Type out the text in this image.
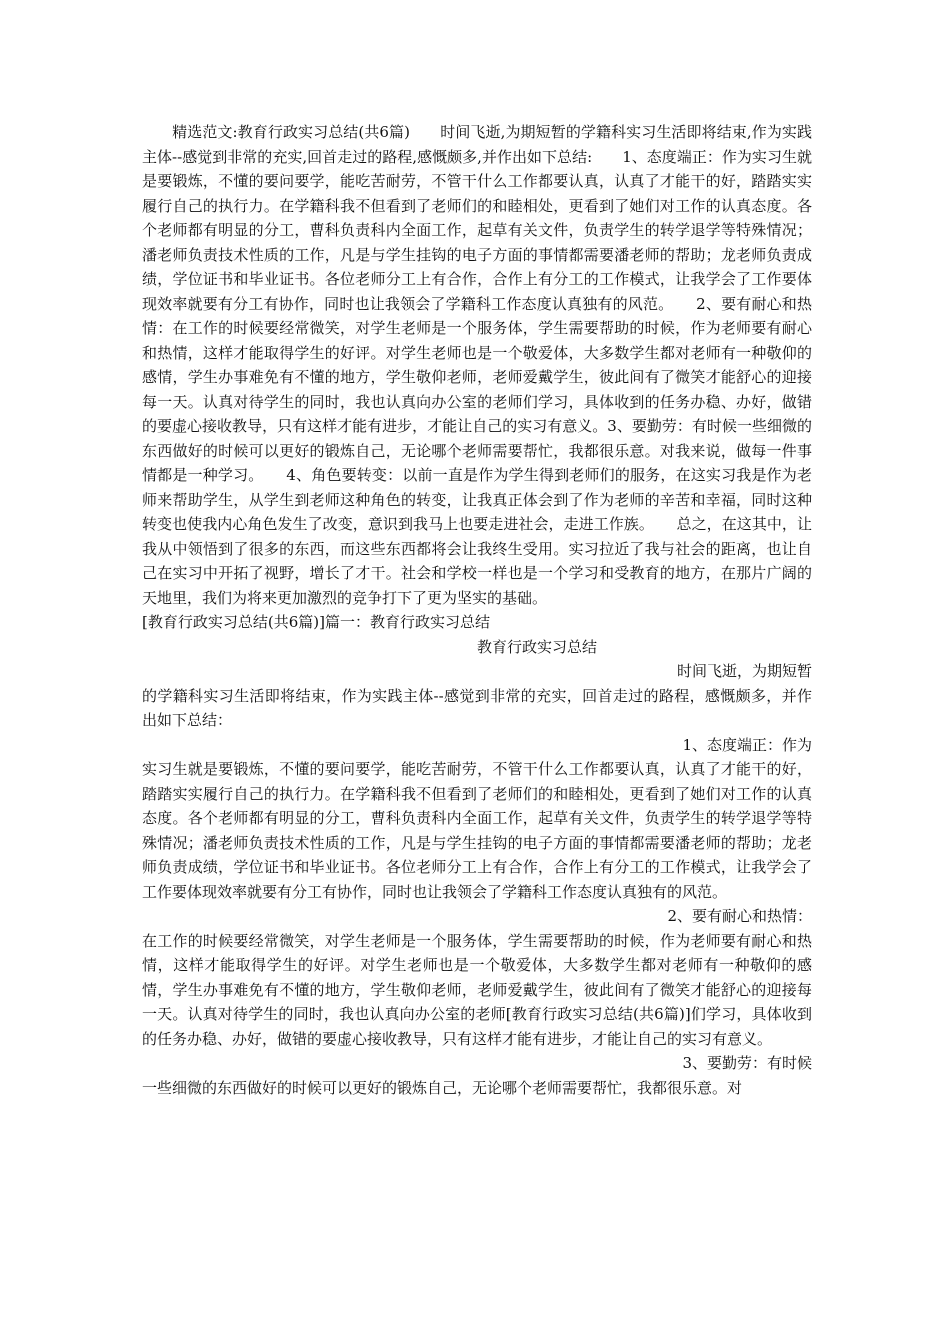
　　精选范文:教育行政实习总结(共6篇)　　时间飞逝,为期短暂的学籍科实习生活即将结束,作为实践主体--感觉到非常的充实,回首走过的路程,感慨颇多,并作出如下总结:　　1、态度端正：作为实习生就是要锻炼，不懂的要问要学，能吃苦耐劳，不管干什么工作都要认真，认真了才能干的好，踏踏实实履行自己的执行力。在学籍科我不但看到了老师们的和睦相处，更看到了她们对工作的认真态度。各个老师都有明显的分工，曹科负责科内全面工作，起草有关文件，负责学生的转学退学等特殊情况；潘老师负责技术性质的工作，凡是与学生挂钩的电子方面的事情都需要潘老师的帮助；龙老师负责成绩，学位证书和毕业证书。各位老师分工上有合作，合作上有分工的工作模式，让我学会了工作要体现效率就要有分工有协作，同时也让我领会了学籍科工作态度认真独有的风范。　　2、要有耐心和热情：在工作的时候要经常微笑，对学生老师是一个服务体，学生需要帮助的时候，作为老师要有耐心和热情，这样才能取得学生的好评。对学生老师也是一个敬爱体，大多数学生都对老师有一种敬仰的感情，学生办事难免有不懂的地方，学生敬仰老师，老师爱戴学生，彼此间有了微笑才能舒心的迎接每一天。认真对待学生的同时，我也认真向办公室的老师们学习，具体收到的任务办稳、办好，做错的要虚心接收教导，只有这样才能有进步，才能让自己的实习有意义。3、要勤劳：有时候一些细微的东西做好的时候可以更好的锻炼自己，无论哪个老师需要帮忙，我都很乐意。对我来说，做每一件事情都是一种学习。　　4、角色要转变：以前一直是作为学生得到老师们的服务，在这实习我是作为老师来帮助学生，从学生到老师这种角色的转变，让我真正体会到了作为老师的辛苦和幸福，同时这种转变也使我内心角色发生了改变，意识到我马上也要走进社会，走进工作族。　　总之，在这其中，让我从中领悟到了很多的东西，而这些东西都将会让我终生受用。实习拉近了我与社会的距离，也让自己在实习中开拓了视野，增长了才干。社会和学校一样也是一个学习和受教育的地方，在那片广阔的天地里，我们为将来更加激烈的竞争打下了更为坚实的基础。

[教育行政实习总结(共6篇)]篇一：教育行政实习总结

教育行政实习总结

时间飞逝，为期短暂

的学籍科实习生活即将结束，作为实践主体--感觉到非常的充实，回首走过的路程，感慨颇多，并作出如下总结：

1、态度端正：作为

实习生就是要锻炼，不懂的要问要学，能吃苦耐劳，不管干什么工作都要认真，认真了才能干的好，踏踏实实履行自己的执行力。在学籍科我不但看到了老师们的和睦相处，更看到了她们对工作的认真态度。各个老师都有明显的分工，曹科负责科内全面工作，起草有关文件，负责学生的转学退学等特殊情况；潘老师负责技术性质的工作，凡是与学生挂钩的电子方面的事情都需要潘老师的帮助；龙老师负责成绩，学位证书和毕业证书。各位老师分工上有合作，合作上有分工的工作模式，让我学会了工作要体现效率就要有分工有协作，同时也让我领会了学籍科工作态度认真独有的风范。

2、要有耐心和热情：

在工作的时候要经常微笑，对学生老师是一个服务体，学生需要帮助的时候，作为老师要有耐心和热情，这样才能取得学生的好评。对学生老师也是一个敬爱体，大多数学生都对老师有一种敬仰的感情，学生办事难免有不懂的地方，学生敬仰老师，老师爱戴学生，彼此间有了微笑才能舒心的迎接每一天。认真对待学生的同时，我也认真向办公室的老师[教育行政实习总结(共6篇)]们学习，具体收到的任务办稳、办好，做错的要虚心接收教导，只有这样才能有进步，才能让自己的实习有意义。

3、要勤劳：有时候

一些细微的东西做好的时候可以更好的锻炼自己，无论哪个老师需要帮忙，我都很乐意。对
